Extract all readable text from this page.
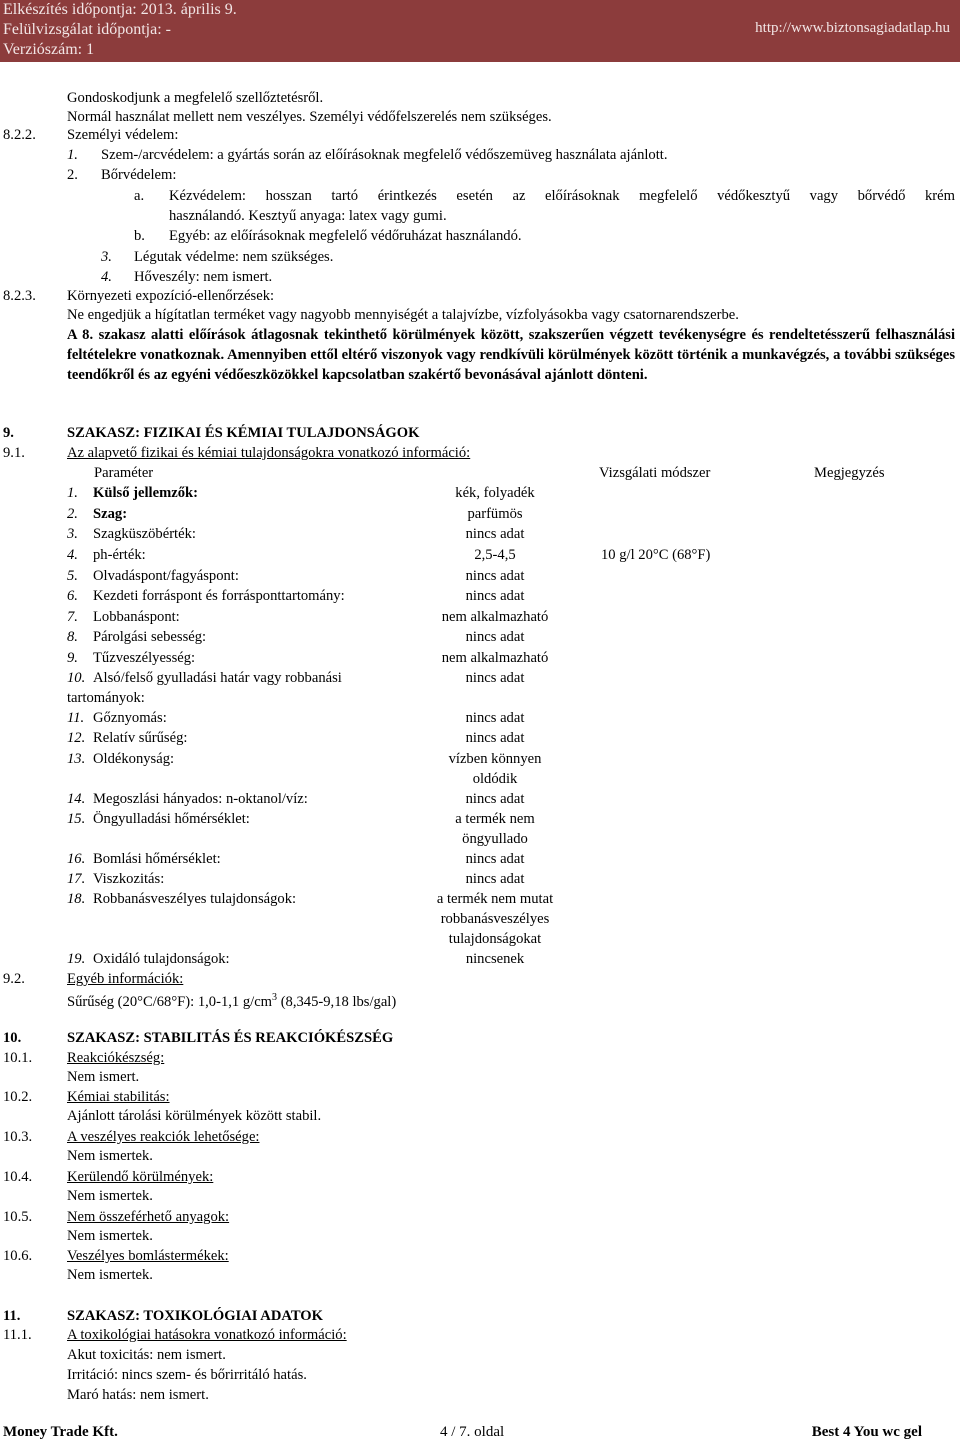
Elkészítés időpontja: 2013. április 9.
Felülvizsgálat időpontja: -
Verziószám: 1
http://www.biztonsagiadatlap.hu
Gondoskodjunk a megfelelő szellőztetésről.
Normál használat mellett nem veszélyes. Személyi védőfelszerelés nem szükséges.
8.2.2. Személyi védelem:
1. Szem-/arcvédelem: a gyártás során az előírásoknak megfelelő védőszemüveg használata ajánlott.
2. Bőrvédelem:
a. Kézvédelem: hosszan tartó érintkezés esetén az előírásoknak megfelelő védőkesztyű vagy bőrvédő krém
használandó. Kesztyű anyaga: latex vagy gumi.
b. Egyéb: az előírásoknak megfelelő védőruházat használandó.
3. Légutak védelme: nem szükséges.
4. Hőveszély: nem ismert.
8.2.3. Környezeti expozíció-ellenőrzések:
Ne engedjük a hígítatlan terméket vagy nagyobb mennyiségét a talajvízbe, vízfolyásokba vagy csatornarendszerbe.
A 8. szakasz alatti előírások átlagosnak tekinthető körülmények között, szakszerűen végzett tevékenységre és rendeltetésszerű felhasználási feltételekre vonatkoznak. Amennyiben ettől eltérő viszonyok vagy rendkívüli körülmények között történik a munkavégzés, a további szükséges teendőkről és az egyéni védőeszközökkel kapcsolatban szakértő bevonásával ajánlott dönteni.
9.	SZAKASZ: FIZIKAI ÉS KÉMIAI TULAJDONSÁGOK
9.1.	Az alapvető fizikai és kémiai tulajdonságokra vonatkozó információ:
Paraméter	Vizsgálati módszer	Megjegyzés
1. Külső jellemzők:	kék, folyadék
2. Szag:	parfümös
3. Szagküszöbérték:	nincs adat
4. ph-érték:	2,5-4,5	10 g/l 20°C (68°F)
5. Olvadáspont/fagyáspont:	nincs adat
6. Kezdeti forráspont és forrásponttartomány:	nincs adat
7. Lobbanáspont:	nem alkalmazható
8. Párolgási sebesség:	nincs adat
9. Tűzveszélyesség:	nem alkalmazható
10. Alsó/felső gyulladási határ vagy robbanási
tartományok:
nincs adat
11. Gőznyomás:	nincs adat
12. Relatív sűrűség:	nincs adat
13. Oldékonyság:	vízben könnyen
oldódik
14. Megoszlási hányados: n-oktanol/víz:	nincs adat
15. Öngyulladási hőmérséklet:	a termék nem
öngyullado
16. Bomlási hőmérséklet:	nincs adat
17. Viszkozitás:	nincs adat
18. Robbanásveszélyes tulajdonságok:	a termék nem mutat
robbanásveszélyes
tulajdonságokat
19. Oxidáló tulajdonságok:	nincsenek
9.2.	Egyéb információk:
Sűrűség (20°C/68°F): 1,0-1,1 $g/cm^3$ (8,345-9,18 lbs/gal)
10.	SZAKASZ: STABILITÁS ÉS REAKCIÓKÉSZSÉG
10.1. Reakciókészség:
Nem ismert.
10.2. Kémiai stabilitás:
Ajánlott tárolási körülmények között stabil.
10.3. A veszélyes reakciók lehetősége:
Nem ismertek.
10.4. Kerülendő körülmények:
Nem ismertek.
10.5. Nem összeférhető anyagok:
Nem ismertek.
10.6. Veszélyes bomlástermékek:
Nem ismertek.
11.	SZAKASZ: TOXIKOLÓGIAI ADATOK
11.1. A toxikológiai hatásokra vonatkozó információ:
Akut toxicitás: nem ismert.
Irritáció: nincs szem- és bőrirritáló hatás.
Maró hatás: nem ismert.
Money Trade Kft.	4 / 7. oldal	Best 4 You wc gel
